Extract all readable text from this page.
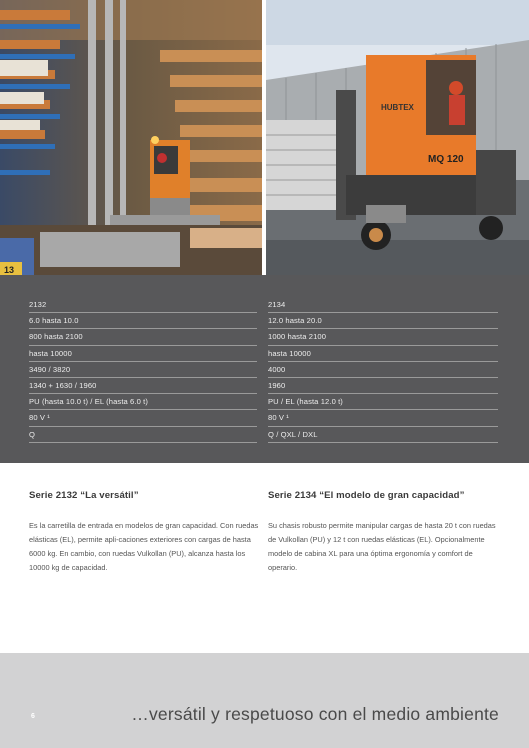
13
HUBTEX
MQ 120
2132
6.0 hasta 10.0
800 hasta 2100
hasta 10000
3490 / 3820
1340 + 1630 / 1960
PU (hasta 10.0 t) / EL (hasta 6.0 t)
80 V ¹
Q
2134
12.0 hasta 20.0
1000 hasta 2100
hasta 10000
4000
1960
PU / EL (hasta 12.0 t)
80 V ¹
Q / QXL / DXL
Serie 2132 “La versátil”

Es la carretilla de entrada en modelos de gran capacidad. Con ruedas elásticas (EL), permite apli-caciones exteriores con cargas de hasta 6000 kg. En cambio, con ruedas Vulkollan (PU), alcanza hasta los 10000 kg de capacidad.

Serie 2134 “El modelo de gran capacidad”

Su chasis robusto permite manipular cargas de hasta 20 t con ruedas de Vulkollan (PU) y 12 t con ruedas elásticas (EL). Opcionalmente modelo de cabina XL para una óptima ergonomía y comfort de operario.

6	…versátil y respetuoso con el medio ambiente
